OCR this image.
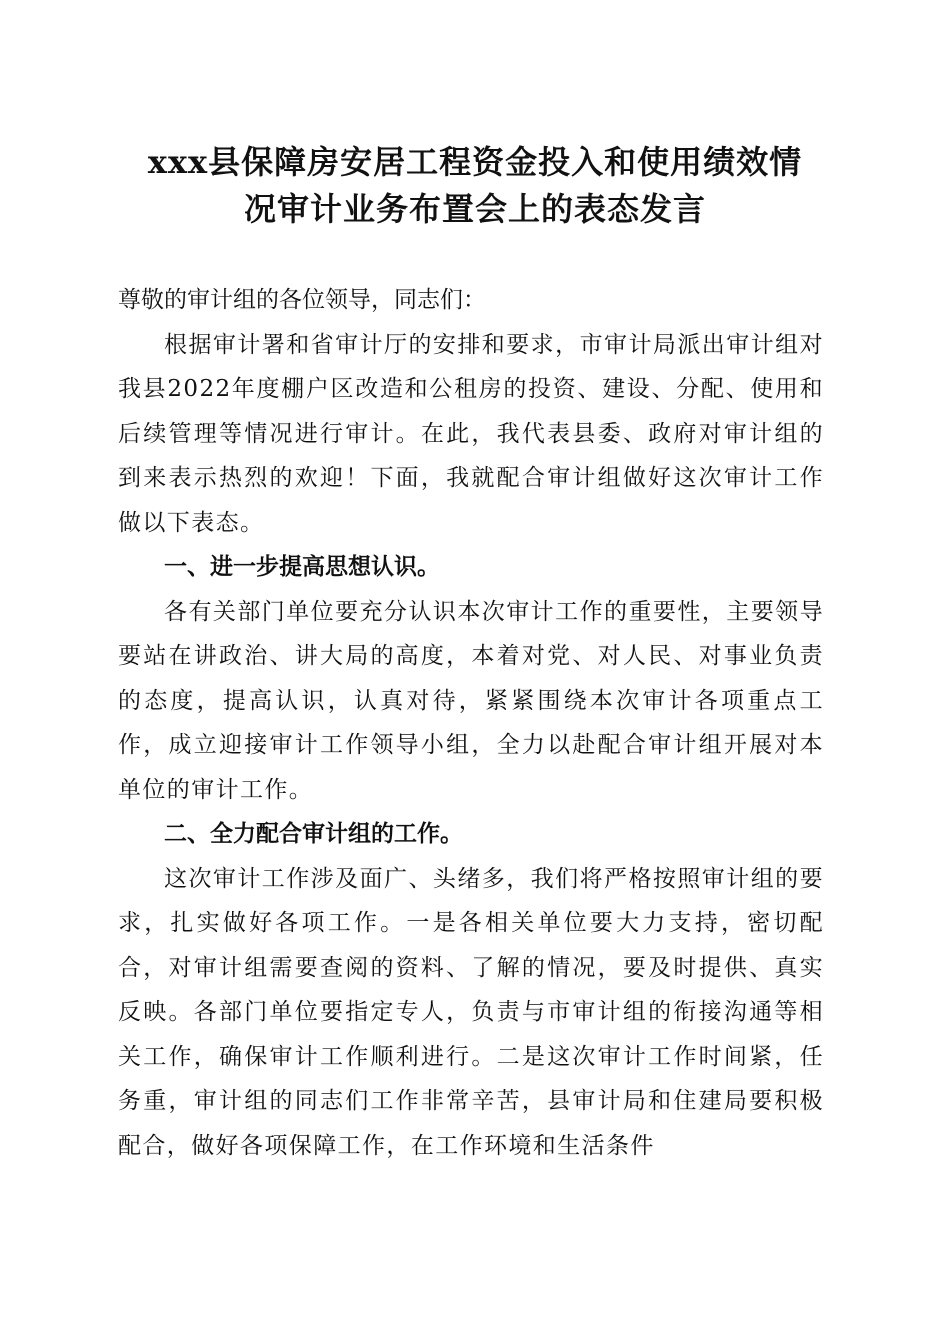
xxx县保障房安居工程资金投入和使用绩效情
况审计业务布置会上的表态发言

尊敬的审计组的各位领导，同志们：

根据审计署和省审计厅的安排和要求，市审计局派出审计组对我县2022年度棚户区改造和公租房的投资、建设、分配、使用和后续管理等情况进行审计。在此，我代表县委、政府对审计组的到来表示热烈的欢迎！下面，我就配合审计组做好这次审计工作做以下表态。

一、进一步提高思想认识。

各有关部门单位要充分认识本次审计工作的重要性，主要领导要站在讲政治、讲大局的高度，本着对党、对人民、对事业负责的态度，提高认识，认真对待，紧紧围绕本次审计各项重点工作，成立迎接审计工作领导小组，全力以赴配合审计组开展对本单位的审计工作。

二、全力配合审计组的工作。

这次审计工作涉及面广、头绪多，我们将严格按照审计组的要求，扎实做好各项工作。一是各相关单位要大力支持，密切配合，对审计组需要查阅的资料、了解的情况，要及时提供、真实反映。各部门单位要指定专人，负责与市审计组的衔接沟通等相关工作，确保审计工作顺利进行。二是这次审计工作时间紧，任务重，审计组的同志们工作非常辛苦，县审计局和住建局要积极配合，做好各项保障工作，在工作环境和生活条件
